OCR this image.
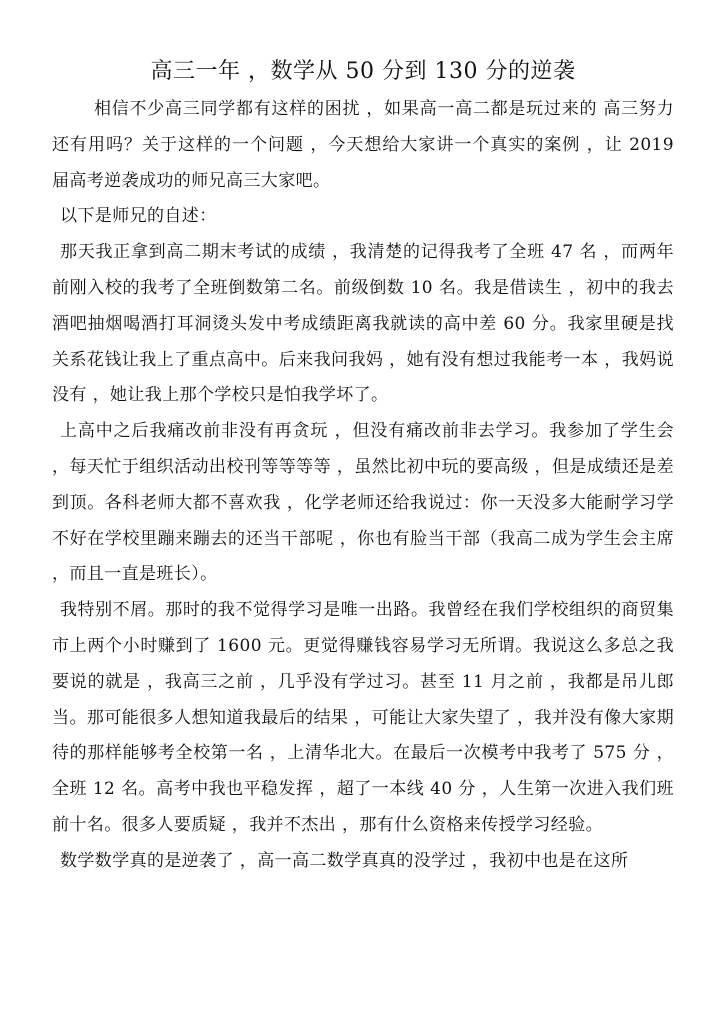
高三一年 ，数学从 50 分到 130 分的逆袭

相信不少高三同学都有这样的困扰 ，如果高一高二都是玩过来的 高三努力还有用吗？关于这样的一个问题 ，今天想给大家讲一个真实的案例 ，让 2019 届高考逆袭成功的师兄高三大家吧。

以下是师兄的自述：

那天我正拿到高二期末考试的成绩 ，我清楚的记得我考了全班 47 名 ，而两年前刚入校的我考了全班倒数第二名。前级倒数 10 名。我是借读生 ，初中的我去酒吧抽烟喝酒打耳洞烫头发中考成绩距离我就读的高中差 60 分。我家里硬是找关系花钱让我上了重点高中。后来我问我妈 ，她有没有想过我能考一本 ，我妈说没有 ，她让我上那个学校只是怕我学坏了。

上高中之后我痛改前非没有再贪玩 ，但没有痛改前非去学习。我参加了学生会 ，每天忙于组织活动出校刊等等等等 ，虽然比初中玩的要高级 ，但是成绩还是差到顶。各科老师大都不喜欢我 ，化学老师还给我说过：你一天没多大能耐学习学不好在学校里蹦来蹦去的还当干部呢 ，你也有脸当干部（我高二成为学生会主席 ，而且一直是班长）。

我特别不屑。那时的我不觉得学习是唯一出路。我曾经在我们学校组织的商贸集市上两个小时赚到了 1600 元。更觉得赚钱容易学习无所谓。我说这么多总之我要说的就是 ，我高三之前 ，几乎没有学过习。甚至 11 月之前 ，我都是吊儿郎当。那可能很多人想知道我最后的结果 ，可能让大家失望了 ，我并没有像大家期待的那样能够考全校第一名 ，上清华北大。在最后一次模考中我考了 575 分 ，全班 12 名。高考中我也平稳发挥 ，超了一本线 40 分 ，人生第一次进入我们班前十名。很多人要质疑 ，我并不杰出 ，那有什么资格来传授学习经验。

数学数学真的是逆袭了 ，高一高二数学真真的没学过 ，我初中也是在这所
